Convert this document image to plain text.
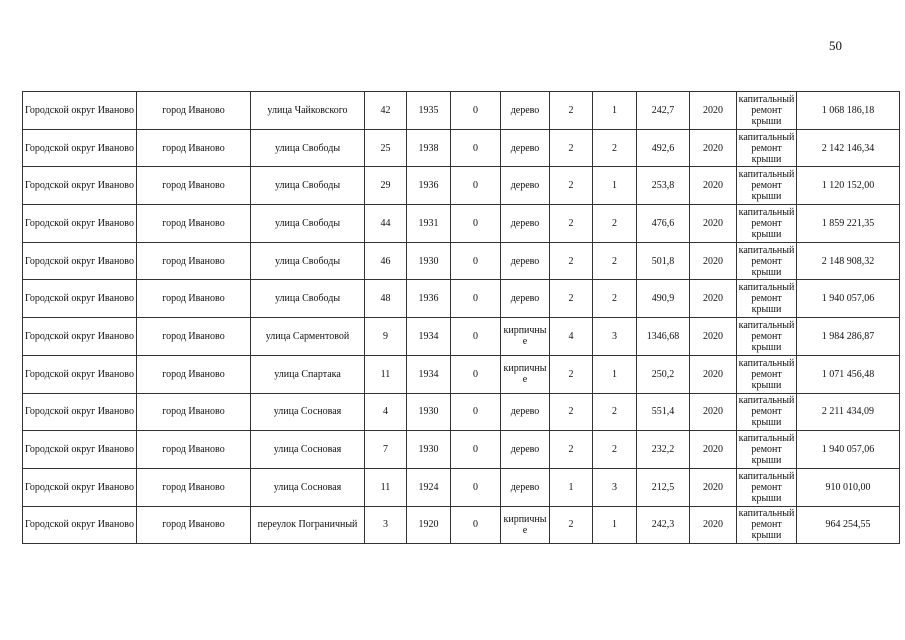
50
Городской округ Иваново	город Иваново	улица Чайковского	42	1935	0	дерево	2	1	242,7	2020	капитальный ремонт крыши	1 068 186,18
Городской округ Иваново	город Иваново	улица Свободы	25	1938	0	дерево	2	2	492,6	2020	капитальный ремонт крыши	2 142 146,34
Городской округ Иваново	город Иваново	улица Свободы	29	1936	0	дерево	2	1	253,8	2020	капитальный ремонт крыши	1 120 152,00
Городской округ Иваново	город Иваново	улица Свободы	44	1931	0	дерево	2	2	476,6	2020	капитальный ремонт крыши	1 859 221,35
Городской округ Иваново	город Иваново	улица Свободы	46	1930	0	дерево	2	2	501,8	2020	капитальный ремонт крыши	2 148 908,32
Городской округ Иваново	город Иваново	улица Свободы	48	1936	0	дерево	2	2	490,9	2020	капитальный ремонт крыши	1 940 057,06
Городской округ Иваново	город Иваново	улица Сарментовой	9	1934	0	кирпичны е	4	3	1346,68	2020	капитальный ремонт крыши	1 984 286,87
Городской округ Иваново	город Иваново	улица Спартака	11	1934	0	кирпичны е	2	1	250,2	2020	капитальный ремонт крыши	1 071 456,48
Городской округ Иваново	город Иваново	улица Сосновая	4	1930	0	дерево	2	2	551,4	2020	капитальный ремонт крыши	2 211 434,09
Городской округ Иваново	город Иваново	улица Сосновая	7	1930	0	дерево	2	2	232,2	2020	капитальный ремонт крыши	1 940 057,06
Городской округ Иваново	город Иваново	улица Сосновая	11	1924	0	дерево	1	3	212,5	2020	капитальный ремонт крыши	910 010,00
Городской округ Иваново	город Иваново	переулок Пограничный	3	1920	0	кирпичны е	2	1	242,3	2020	капитальный ремонт крыши	964 254,55
